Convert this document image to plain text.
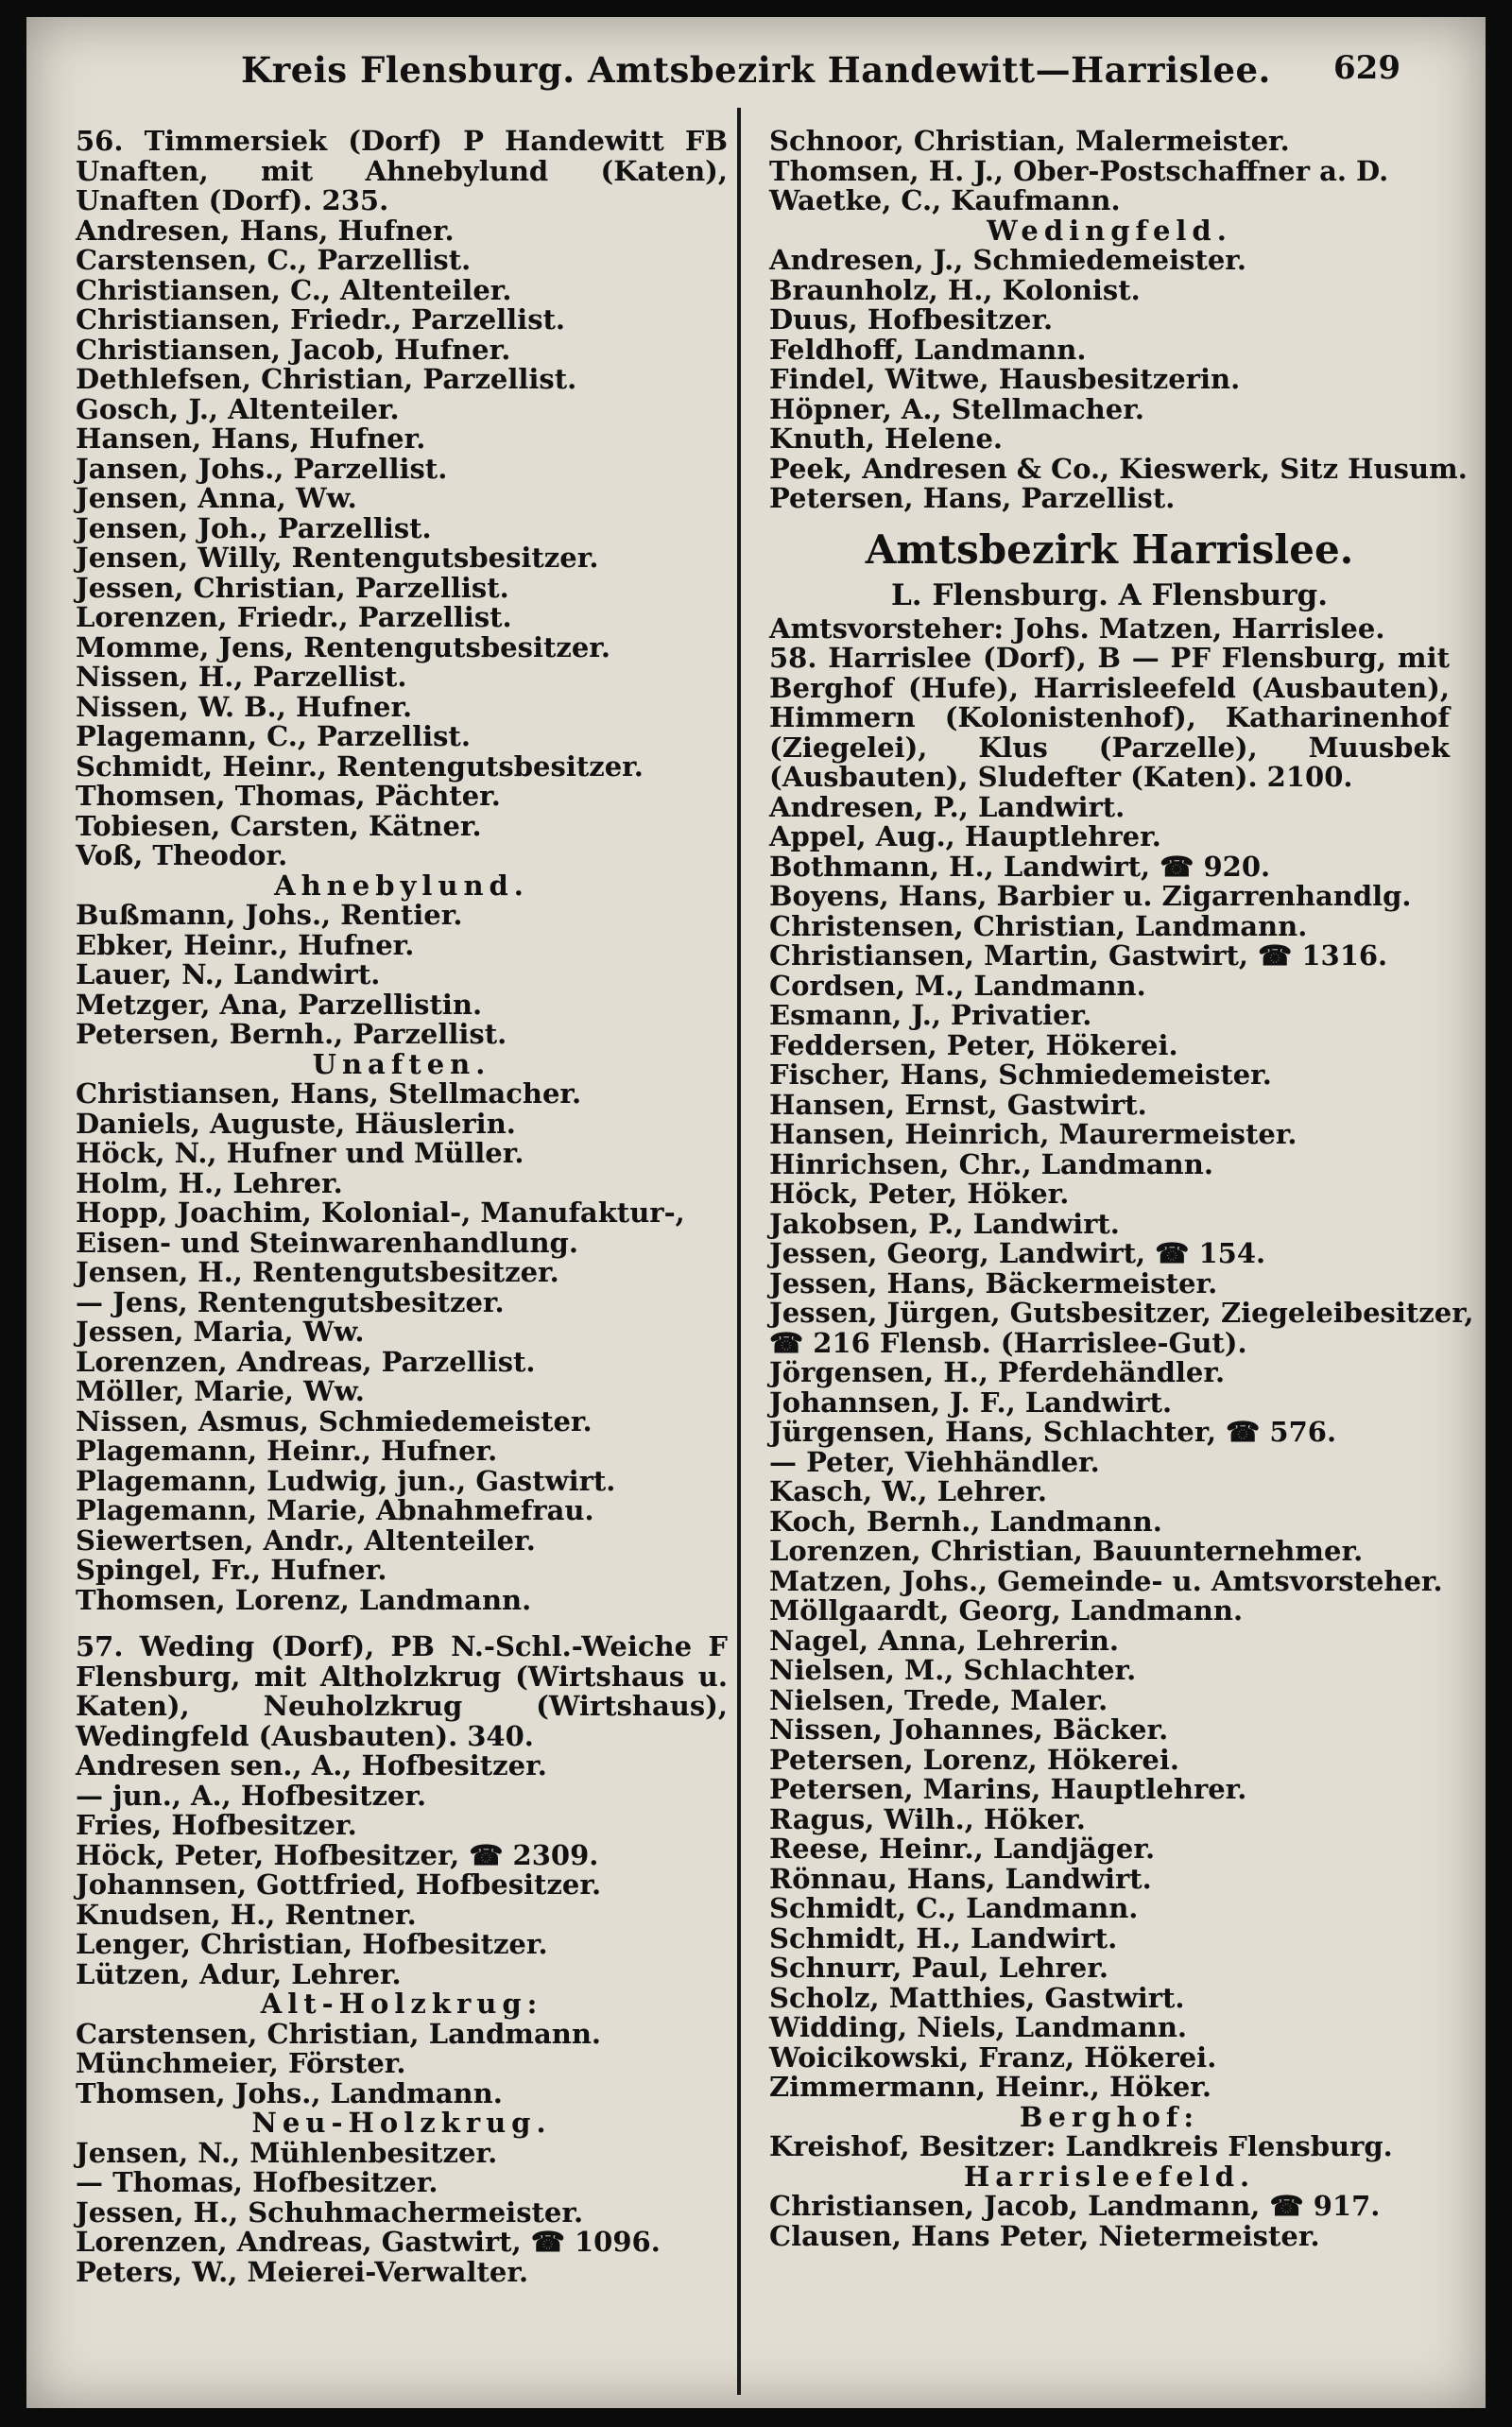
Kreis Flensburg. Amtsbezirk Handewitt—Harrislee.	629
56. Timmersiek (Dorf) P Handewitt FB Unaften, mit Ahnebylund (Katen), Unaften (Dorf). 235.
Andresen, Hans, Hufner.
Carstensen, C., Parzellist.
Christiansen, C., Altenteiler.
Christiansen, Friedr., Parzellist.
Christiansen, Jacob, Hufner.
Dethlefsen, Christian, Parzellist.
Gosch, J., Altenteiler.
Hansen, Hans, Hufner.
Jansen, Johs., Parzellist.
Jensen, Anna, Ww.
Jensen, Joh., Parzellist.
Jensen, Willy, Rentengutsbesitzer.
Jessen, Christian, Parzellist.
Lorenzen, Friedr., Parzellist.
Momme, Jens, Rentengutsbesitzer.
Nissen, H., Parzellist.
Nissen, W. B., Hufner.
Plagemann, C., Parzellist.
Schmidt, Heinr., Rentengutsbesitzer.
Thomsen, Thomas, Pächter.
Tobiesen, Carsten, Kätner.
Voß, Theodor.
Ahnebylund.
Bußmann, Johs., Rentier.
Ebker, Heinr., Hufner.
Lauer, N., Landwirt.
Metzger, Ana, Parzellistin.
Petersen, Bernh., Parzellist.
Unaften.
Christiansen, Hans, Stellmacher.
Daniels, Auguste, Häuslerin.
Höck, N., Hufner und Müller.
Holm, H., Lehrer.
Hopp, Joachim, Kolonial-, Manufaktur-,
Eisen- und Steinwarenhandlung.
Jensen, H., Rentengutsbesitzer.
— Jens, Rentengutsbesitzer.
Jessen, Maria, Ww.
Lorenzen, Andreas, Parzellist.
Möller, Marie, Ww.
Nissen, Asmus, Schmiedemeister.
Plagemann, Heinr., Hufner.
Plagemann, Ludwig, jun., Gastwirt.
Plagemann, Marie, Abnahmefrau.
Siewertsen, Andr., Altenteiler.
Spingel, Fr., Hufner.
Thomsen, Lorenz, Landmann.
57. Weding (Dorf), PB N.-Schl.-Weiche F Flensburg, mit Altholzkrug (Wirtshaus u. Katen), Neuholzkrug (Wirtshaus), Wedingfeld (Ausbauten). 340.
Andresen sen., A., Hofbesitzer.
— jun., A., Hofbesitzer.
Fries, Hofbesitzer.
Höck, Peter, Hofbesitzer, ☎ 2309.
Johannsen, Gottfried, Hofbesitzer.
Knudsen, H., Rentner.
Lenger, Christian, Hofbesitzer.
Lützen, Adur, Lehrer.
Alt-Holzkrug:
Carstensen, Christian, Landmann.
Münchmeier, Förster.
Thomsen, Johs., Landmann.
Neu-Holzkrug.
Jensen, N., Mühlenbesitzer.
— Thomas, Hofbesitzer.
Jessen, H., Schuhmachermeister.
Lorenzen, Andreas, Gastwirt, ☎ 1096.
Peters, W., Meierei-Verwalter.
Schnoor, Christian, Malermeister.
Thomsen, H. J., Ober-Postschaffner a. D.
Waetke, C., Kaufmann.
Wedingfeld.
Andresen, J., Schmiedemeister.
Braunholz, H., Kolonist.
Duus, Hofbesitzer.
Feldhoff, Landmann.
Findel, Witwe, Hausbesitzerin.
Höpner, A., Stellmacher.
Knuth, Helene.
Peek, Andresen & Co., Kieswerk, Sitz Husum.
Petersen, Hans, Parzellist.
Amtsbezirk Harrislee.
L. Flensburg. A Flensburg.
Amtsvorsteher: Johs. Matzen, Harrislee.
58. Harrislee (Dorf), B — PF Flensburg, mit Berghof (Hufe), Harrisleefeld (Ausbauten), Himmern (Kolonistenhof), Katharinenhof (Ziegelei), Klus (Parzelle), Muusbek (Ausbauten), Sludefter (Katen). 2100.
Andresen, P., Landwirt.
Appel, Aug., Hauptlehrer.
Bothmann, H., Landwirt, ☎ 920.
Boyens, Hans, Barbier u. Zigarrenhandlg.
Christensen, Christian, Landmann.
Christiansen, Martin, Gastwirt, ☎ 1316.
Cordsen, M., Landmann.
Esmann, J., Privatier.
Feddersen, Peter, Hökerei.
Fischer, Hans, Schmiedemeister.
Hansen, Ernst, Gastwirt.
Hansen, Heinrich, Maurermeister.
Hinrichsen, Chr., Landmann.
Höck, Peter, Höker.
Jakobsen, P., Landwirt.
Jessen, Georg, Landwirt, ☎ 154.
Jessen, Hans, Bäckermeister.
Jessen, Jürgen, Gutsbesitzer, Ziegeleibesitzer,
☎ 216 Flensb. (Harrislee-Gut).
Jörgensen, H., Pferdehändler.
Johannsen, J. F., Landwirt.
Jürgensen, Hans, Schlachter, ☎ 576.
— Peter, Viehhändler.
Kasch, W., Lehrer.
Koch, Bernh., Landmann.
Lorenzen, Christian, Bauunternehmer.
Matzen, Johs., Gemeinde- u. Amtsvorsteher.
Möllgaardt, Georg, Landmann.
Nagel, Anna, Lehrerin.
Nielsen, M., Schlachter.
Nielsen, Trede, Maler.
Nissen, Johannes, Bäcker.
Petersen, Lorenz, Hökerei.
Petersen, Marins, Hauptlehrer.
Ragus, Wilh., Höker.
Reese, Heinr., Landjäger.
Rönnau, Hans, Landwirt.
Schmidt, C., Landmann.
Schmidt, H., Landwirt.
Schnurr, Paul, Lehrer.
Scholz, Matthies, Gastwirt.
Widding, Niels, Landmann.
Woicikowski, Franz, Hökerei.
Zimmermann, Heinr., Höker.
Berghof:
Kreishof, Besitzer: Landkreis Flensburg.
Harrisleefeld.
Christiansen, Jacob, Landmann, ☎ 917.
Clausen, Hans Peter, Nietermeister.
